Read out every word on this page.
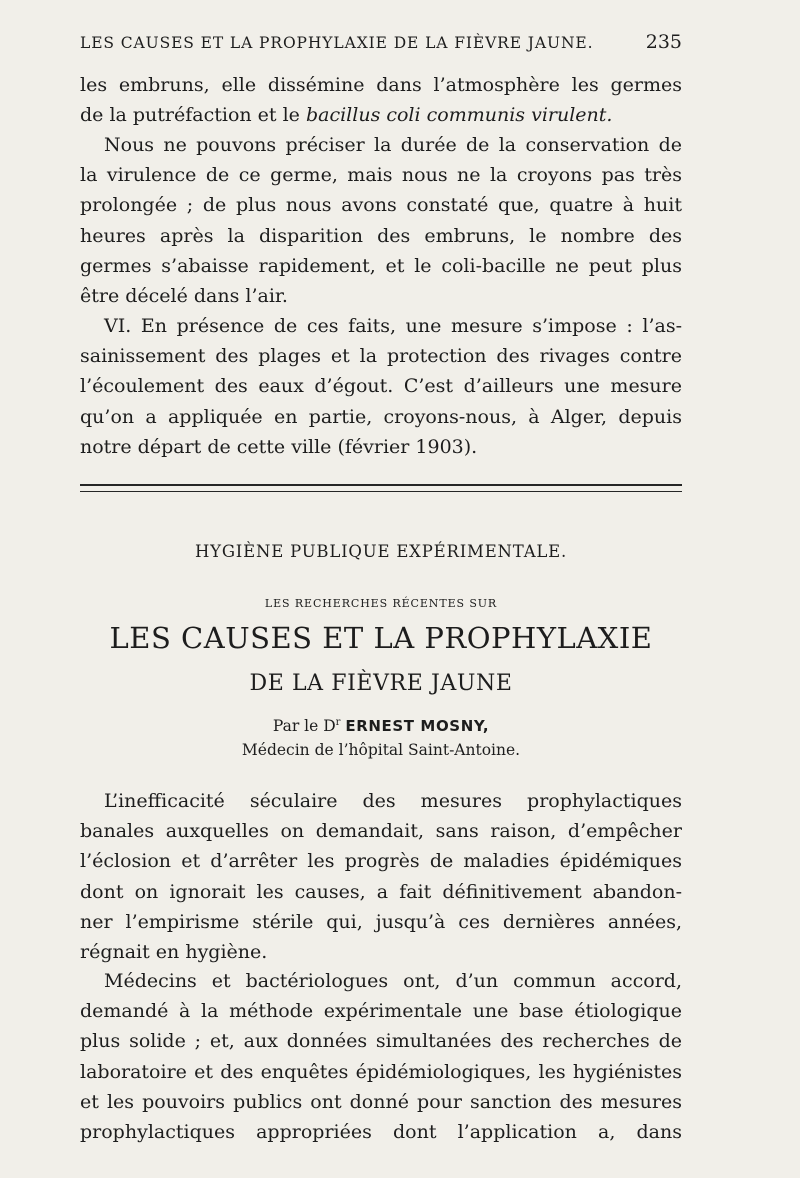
LES CAUSES ET LA PROPHYLAXIE DE LA FIÈVRE JAUNE.	235
les embruns, elle dissémine dans l’atmosphère les germes
de la putréfaction et le bacillus coli communis virulent.
Nous ne pouvons préciser la durée de la conservation de
la virulence de ce germe, mais nous ne la croyons pas très
prolongée ; de plus nous avons constaté que, quatre à huit
heures après la disparition des embruns, le nombre des
germes s’abaisse rapidement, et le coli-bacille ne peut plus
être décelé dans l’air.
VI. En présence de ces faits, une mesure s’impose : l’as-
sainissement des plages et la protection des rivages contre
l’écoulement des eaux d’égout. C’est d’ailleurs une mesure
qu’on a appliquée en partie, croyons-nous, à Alger, depuis
notre départ de cette ville (février 1903).
HYGIÈNE PUBLIQUE EXPÉRIMENTALE.
LES RECHERCHES RÉCENTES SUR
LES CAUSES ET LA PROPHYLAXIE
DE LA FIÈVRE JAUNE
Par le $D^r$ ERNEST MOSNY,
Médecin de l’hôpital Saint-Antoine.
L’inefficacité séculaire des mesures prophylactiques
banales auxquelles on demandait, sans raison, d’empêcher
l’éclosion et d’arrêter les progrès de maladies épidémiques
dont on ignorait les causes, a fait définitivement abandon-
ner l’empirisme stérile qui, jusqu’à ces dernières années,
régnait en hygiène.
Médecins et bactériologues ont, d’un commun accord,
demandé à la méthode expérimentale une base étiologique
plus solide ; et, aux données simultanées des recherches de
laboratoire et des enquêtes épidémiologiques, les hygiénistes
et les pouvoirs publics ont donné pour sanction des mesures
prophylactiques appropriées dont l’application a, dans
